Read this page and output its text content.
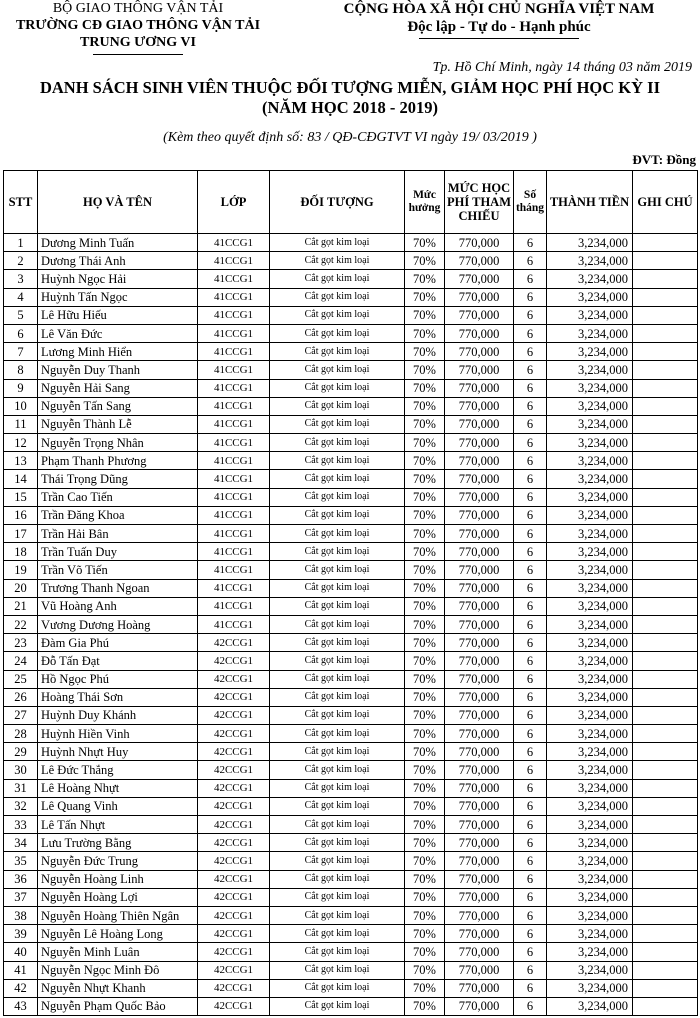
BỘ GIAO THÔNG VẬN TẢI
TRƯỜNG CĐ GIAO THÔNG VẬN TẢI
TRUNG ƯƠNG VI
CỘNG HÒA XÃ HỘI CHỦ NGHĨA VIỆT NAM
Độc lập - Tự do - Hạnh phúc
Tp. Hồ Chí Minh, ngày 14 tháng 03 năm 2019
DANH SÁCH SINH VIÊN THUỘC ĐỐI TƯỢNG MIỄN, GIẢM HỌC PHÍ HỌC KỲ II
(NĂM HỌC 2018 - 2019)
(Kèm theo quyết định số: 83 / QĐ-CĐGTVT VI ngày 19/ 03/2019 )
ĐVT: Đồng
STT	HỌ VÀ TÊN	LỚP	ĐỐI TƯỢNG	Mức hưởng	MỨC HỌC PHÍ THAM CHIẾU	Số tháng	THÀNH TIỀN	GHI CHÚ
1	Dương Minh Tuấn	41CCG1	Cắt gọt kim loại	70%	770,000	6	3,234,000	
2	Dương Thái Anh	41CCG1	Cắt gọt kim loại	70%	770,000	6	3,234,000	
3	Huỳnh Ngọc Hải	41CCG1	Cắt gọt kim loại	70%	770,000	6	3,234,000	
4	Huỳnh Tấn Ngọc	41CCG1	Cắt gọt kim loại	70%	770,000	6	3,234,000	
5	Lê Hữu Hiếu	41CCG1	Cắt gọt kim loại	70%	770,000	6	3,234,000	
6	Lê Văn Đức	41CCG1	Cắt gọt kim loại	70%	770,000	6	3,234,000	
7	Lương Minh Hiển	41CCG1	Cắt gọt kim loại	70%	770,000	6	3,234,000	
8	Nguyễn Duy Thanh	41CCG1	Cắt gọt kim loại	70%	770,000	6	3,234,000	
9	Nguyễn Hải Sang	41CCG1	Cắt gọt kim loại	70%	770,000	6	3,234,000	
10	Nguyễn Tấn Sang	41CCG1	Cắt gọt kim loại	70%	770,000	6	3,234,000	
11	Nguyễn Thành Lễ	41CCG1	Cắt gọt kim loại	70%	770,000	6	3,234,000	
12	Nguyễn Trọng Nhân	41CCG1	Cắt gọt kim loại	70%	770,000	6	3,234,000	
13	Phạm Thanh Phương	41CCG1	Cắt gọt kim loại	70%	770,000	6	3,234,000	
14	Thái Trọng Dũng	41CCG1	Cắt gọt kim loại	70%	770,000	6	3,234,000	
15	Trần Cao Tiến	41CCG1	Cắt gọt kim loại	70%	770,000	6	3,234,000	
16	Trần Đăng Khoa	41CCG1	Cắt gọt kim loại	70%	770,000	6	3,234,000	
17	Trần Hải Bân	41CCG1	Cắt gọt kim loại	70%	770,000	6	3,234,000	
18	Trần Tuấn Duy	41CCG1	Cắt gọt kim loại	70%	770,000	6	3,234,000	
19	Trần Võ Tiến	41CCG1	Cắt gọt kim loại	70%	770,000	6	3,234,000	
20	Trương Thanh Ngoan	41CCG1	Cắt gọt kim loại	70%	770,000	6	3,234,000	
21	Vũ Hoàng Anh	41CCG1	Cắt gọt kim loại	70%	770,000	6	3,234,000	
22	Vương Dương Hoàng	41CCG1	Cắt gọt kim loại	70%	770,000	6	3,234,000	
23	Đàm Gia Phú	42CCG1	Cắt gọt kim loại	70%	770,000	6	3,234,000	
24	Đỗ Tấn Đạt	42CCG1	Cắt gọt kim loại	70%	770,000	6	3,234,000	
25	Hồ Ngọc Phú	42CCG1	Cắt gọt kim loại	70%	770,000	6	3,234,000	
26	Hoàng Thái Sơn	42CCG1	Cắt gọt kim loại	70%	770,000	6	3,234,000	
27	Huỳnh Duy Khánh	42CCG1	Cắt gọt kim loại	70%	770,000	6	3,234,000	
28	Huỳnh Hiền Vinh	42CCG1	Cắt gọt kim loại	70%	770,000	6	3,234,000	
29	Huỳnh Nhựt Huy	42CCG1	Cắt gọt kim loại	70%	770,000	6	3,234,000	
30	Lê Đức Thắng	42CCG1	Cắt gọt kim loại	70%	770,000	6	3,234,000	
31	Lê Hoàng Nhựt	42CCG1	Cắt gọt kim loại	70%	770,000	6	3,234,000	
32	Lê Quang Vinh	42CCG1	Cắt gọt kim loại	70%	770,000	6	3,234,000	
33	Lê Tấn Nhựt	42CCG1	Cắt gọt kim loại	70%	770,000	6	3,234,000	
34	Lưu Trường Bằng	42CCG1	Cắt gọt kim loại	70%	770,000	6	3,234,000	
35	Nguyễn Đức Trung	42CCG1	Cắt gọt kim loại	70%	770,000	6	3,234,000	
36	Nguyễn Hoàng Linh	42CCG1	Cắt gọt kim loại	70%	770,000	6	3,234,000	
37	Nguyễn Hoàng Lợi	42CCG1	Cắt gọt kim loại	70%	770,000	6	3,234,000	
38	Nguyễn Hoàng Thiên Ngân	42CCG1	Cắt gọt kim loại	70%	770,000	6	3,234,000	
39	Nguyễn Lê Hoàng Long	42CCG1	Cắt gọt kim loại	70%	770,000	6	3,234,000	
40	Nguyễn Minh Luân	42CCG1	Cắt gọt kim loại	70%	770,000	6	3,234,000	
41	Nguyễn Ngọc Minh Đô	42CCG1	Cắt gọt kim loại	70%	770,000	6	3,234,000	
42	Nguyễn Nhựt Khanh	42CCG1	Cắt gọt kim loại	70%	770,000	6	3,234,000	
43	Nguyễn Phạm Quốc Bảo	42CCG1	Cắt gọt kim loại	70%	770,000	6	3,234,000	
